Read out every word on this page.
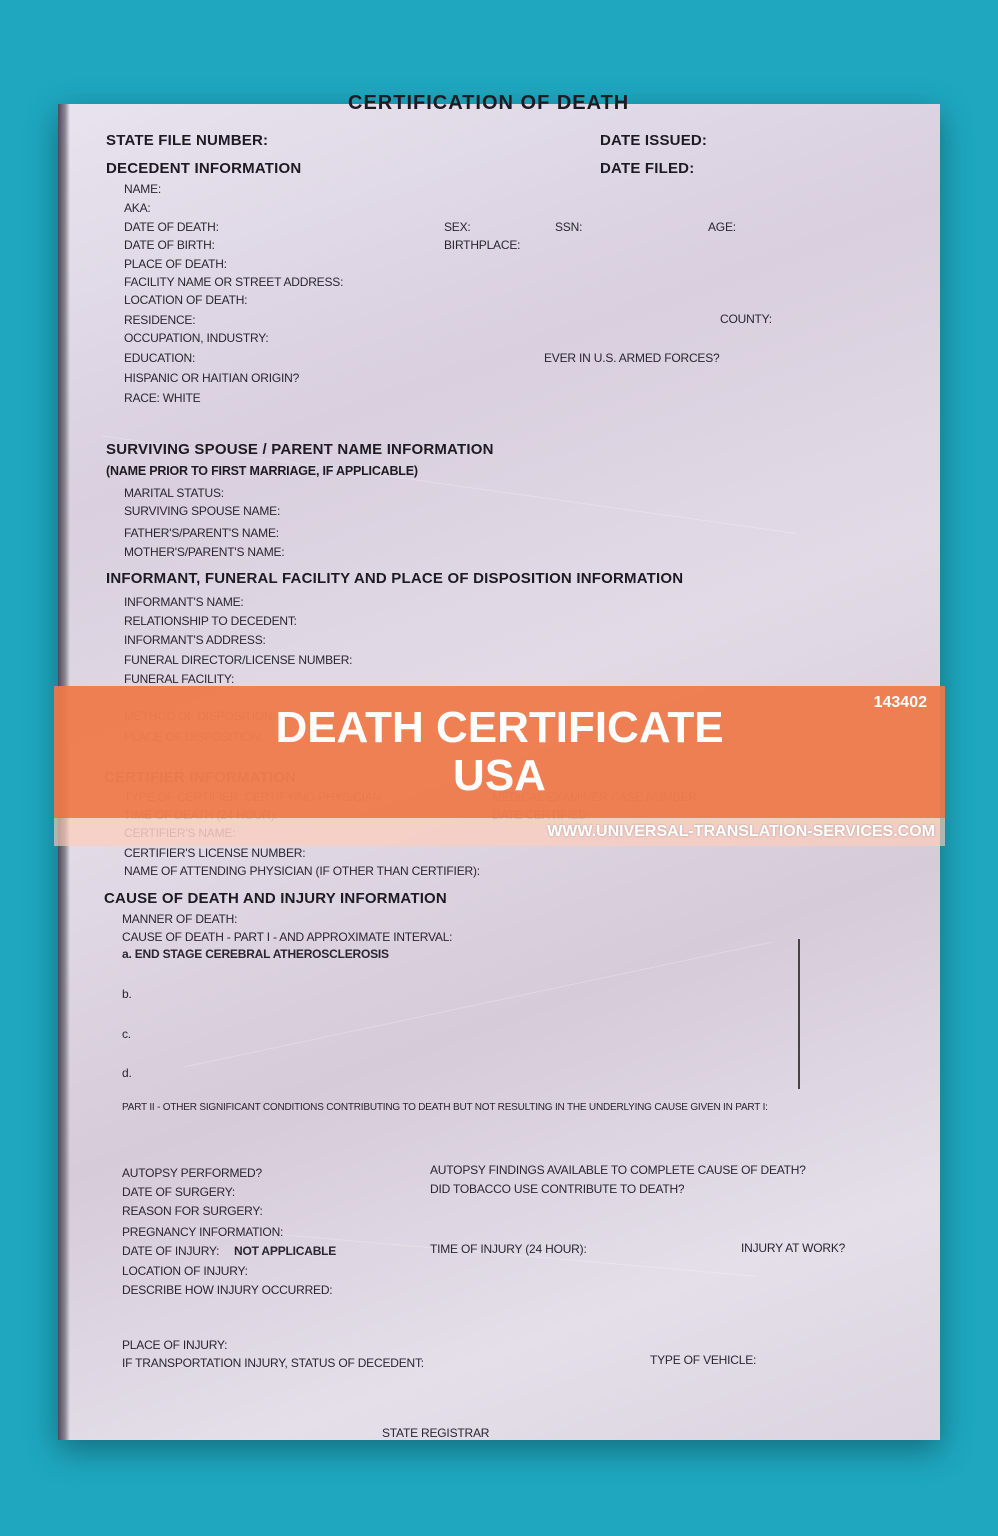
CERTIFICATION OF DEATH
STATE FILE NUMBER:	DATE ISSUED:
DECEDENT INFORMATION	DATE FILED:
NAME:
AKA:
DATE OF DEATH:	SEX:	SSN:	AGE:
DATE OF BIRTH:	BIRTHPLACE:
PLACE OF DEATH:
FACILITY NAME OR STREET ADDRESS:
LOCATION OF DEATH:
RESIDENCE:	COUNTY:
OCCUPATION, INDUSTRY:
EDUCATION:	EVER IN U.S. ARMED FORCES?
HISPANIC OR HAITIAN ORIGIN?
RACE: WHITE
SURVIVING SPOUSE / PARENT NAME INFORMATION
(NAME PRIOR TO FIRST MARRIAGE, IF APPLICABLE)
MARITAL STATUS:
SURVIVING SPOUSE NAME:
FATHER'S/PARENT'S NAME:
MOTHER'S/PARENT'S NAME:
INFORMANT, FUNERAL FACILITY AND PLACE OF DISPOSITION INFORMATION
INFORMANT'S NAME:
RELATIONSHIP TO DECEDENT:
INFORMANT'S ADDRESS:
FUNERAL DIRECTOR/LICENSE NUMBER:
FUNERAL FACILITY:
CERTIFIER'S LICENSE NUMBER:
NAME OF ATTENDING PHYSICIAN (IF OTHER THAN CERTIFIER):
CAUSE OF DEATH AND INJURY INFORMATION
MANNER OF DEATH:
CAUSE OF DEATH - PART I - AND APPROXIMATE INTERVAL:
a. END STAGE CEREBRAL ATHEROSCLEROSIS
b.
c.
d.
PART II - OTHER SIGNIFICANT CONDITIONS CONTRIBUTING TO DEATH BUT NOT RESULTING IN THE UNDERLYING CAUSE GIVEN IN PART I:
AUTOPSY PERFORMED?	AUTOPSY FINDINGS AVAILABLE TO COMPLETE CAUSE OF DEATH?
DATE OF SURGERY:	DID TOBACCO USE CONTRIBUTE TO DEATH?
REASON FOR SURGERY:
PREGNANCY INFORMATION:
DATE OF INJURY: NOT APPLICABLE	TIME OF INJURY (24 HOUR):	INJURY AT WORK?
LOCATION OF INJURY:
DESCRIBE HOW INJURY OCCURRED:
PLACE OF INJURY:
IF TRANSPORTATION INJURY, STATUS OF DECEDENT:	TYPE OF VEHICLE:
STATE REGISTRAR
143402
DEATH CERTIFICATE
USA
WWW.UNIVERSAL-TRANSLATION-SERVICES.COM
